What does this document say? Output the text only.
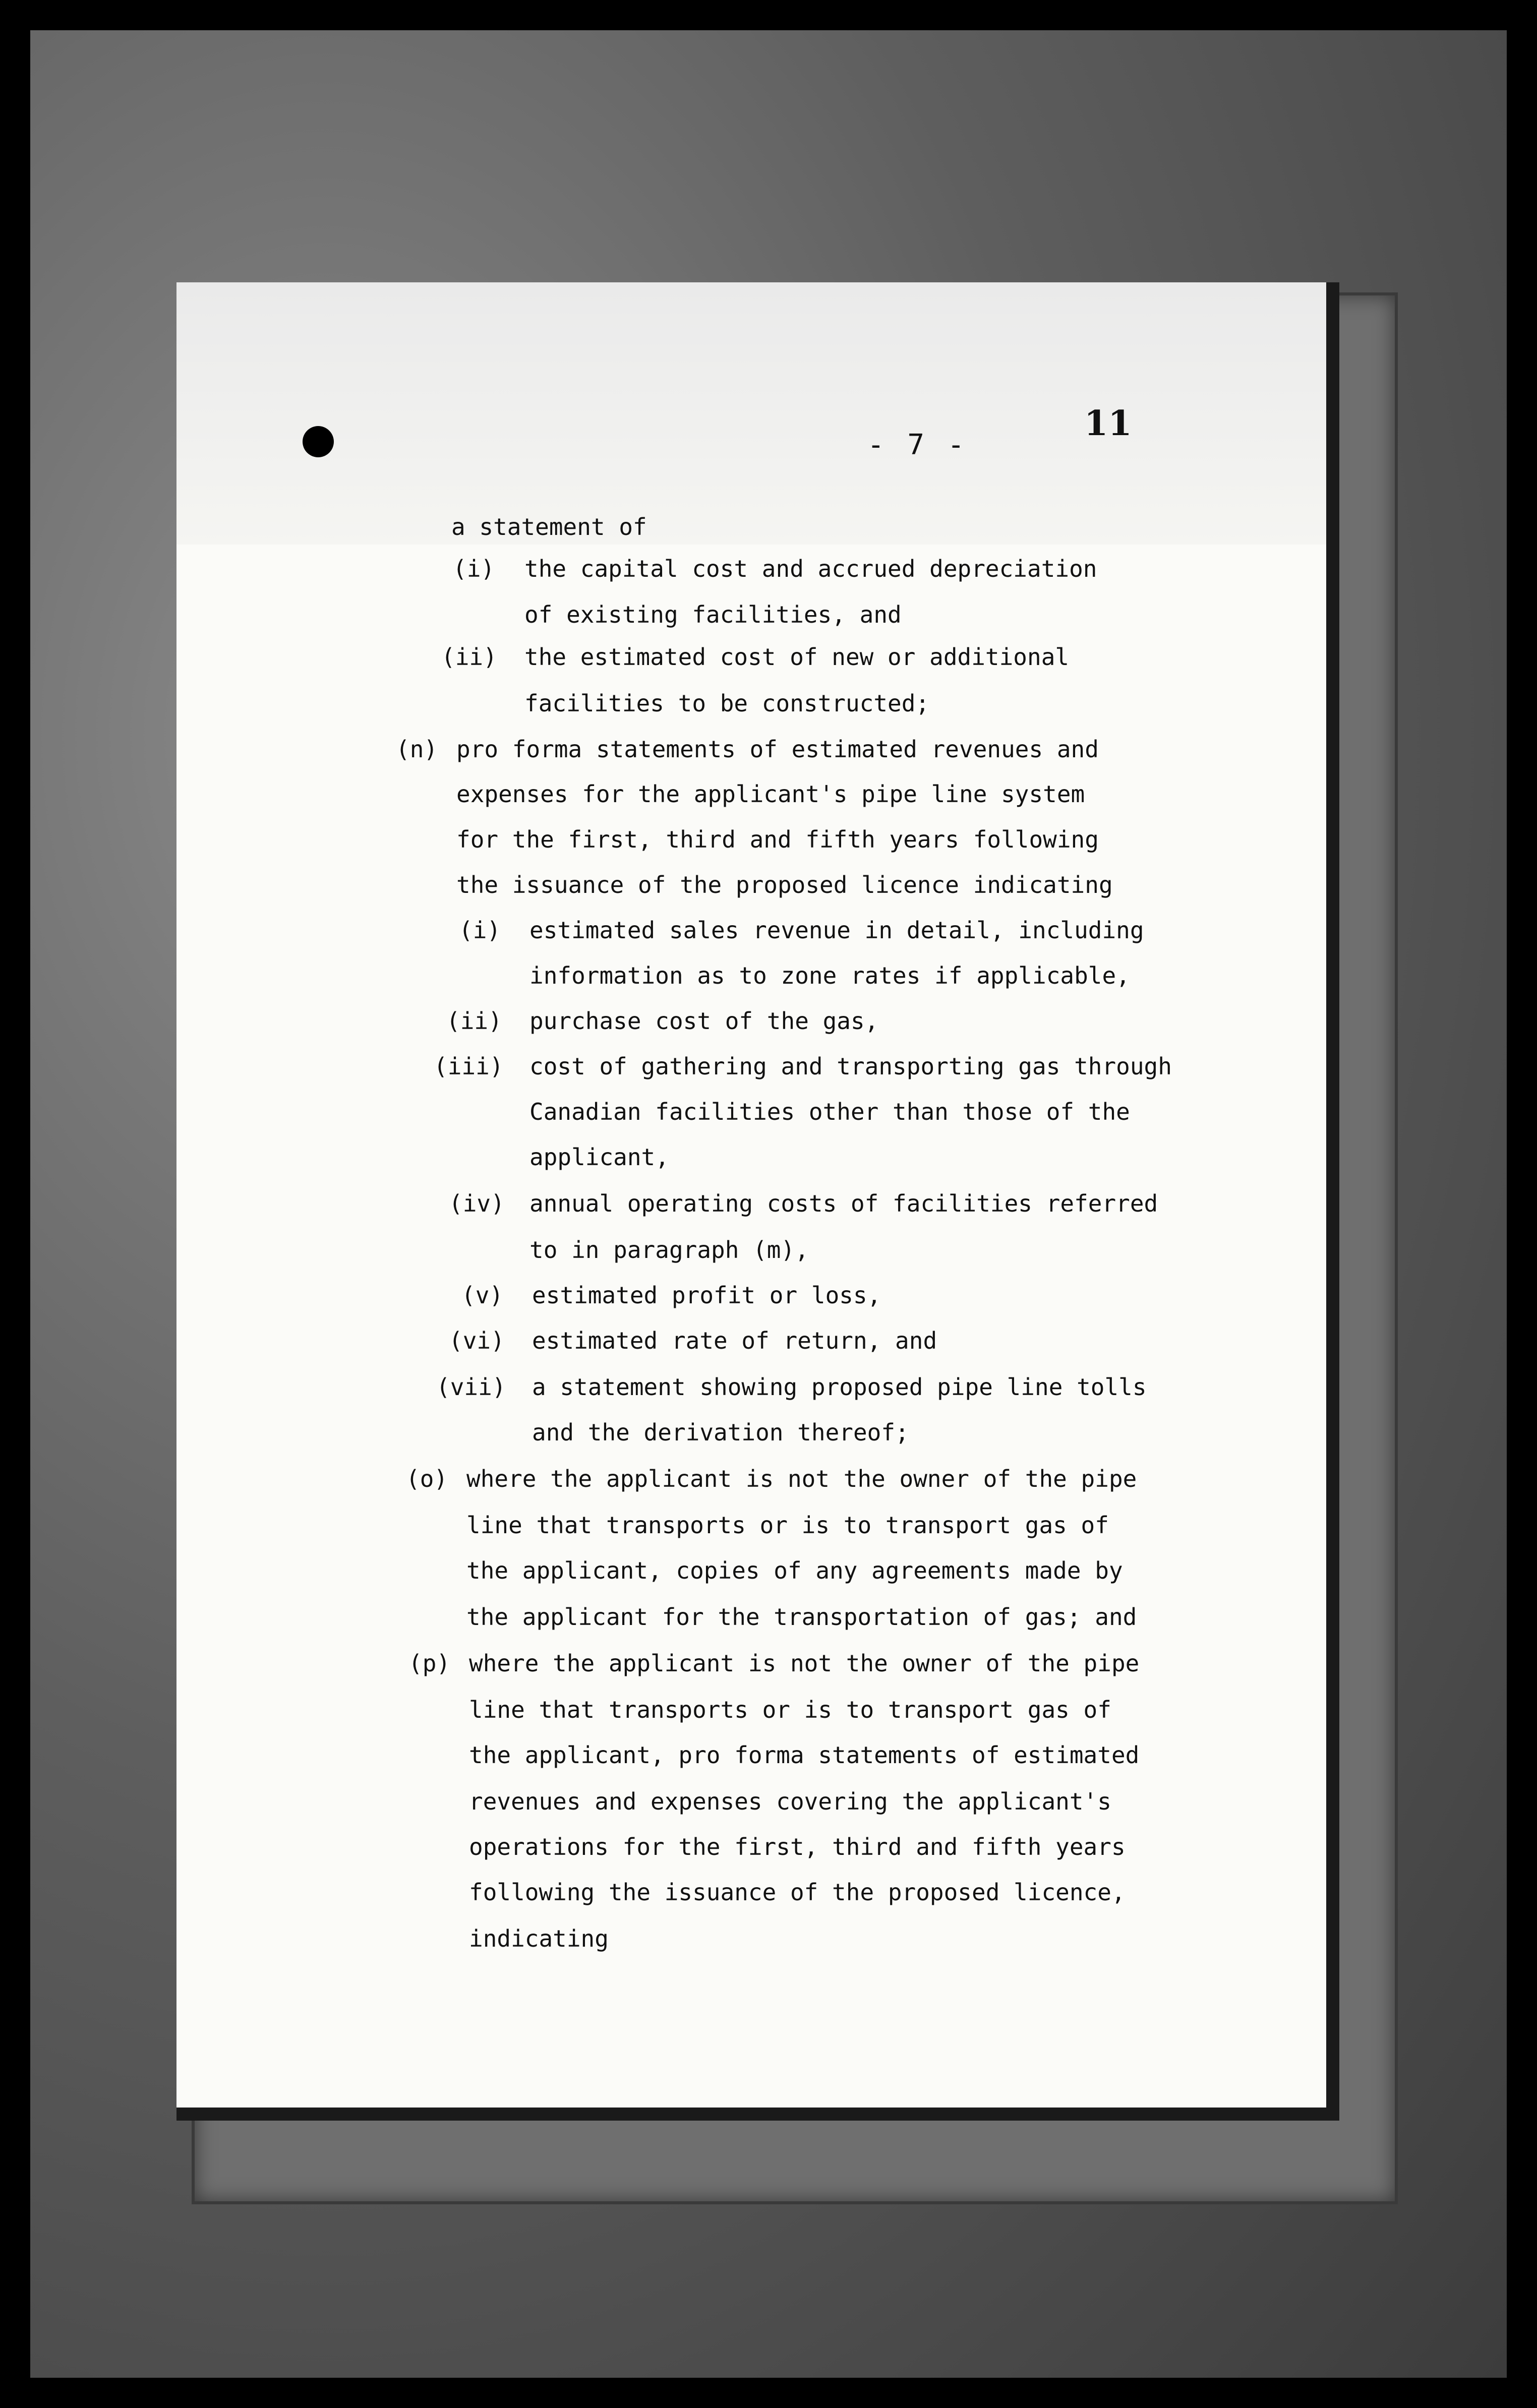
- 7 -
11
a statement of
(i) the capital cost and accrued depreciation
of existing facilities, and
(ii) the estimated cost of new or additional
facilities to be constructed;
(n) pro forma statements of estimated revenues and
expenses for the applicant's pipe line system
for the first, third and fifth years following
the issuance of the proposed licence indicating
(i) estimated sales revenue in detail, including
information as to zone rates if applicable,
(ii) purchase cost of the gas,
(iii) cost of gathering and transporting gas through
Canadian facilities other than those of the
applicant,
(iv) annual operating costs of facilities referred
to in paragraph (m),
(v) estimated profit or loss,
(vi) estimated rate of return, and
(vii) a statement showing proposed pipe line tolls
and the derivation thereof;
(o) where the applicant is not the owner of the pipe
line that transports or is to transport gas of
the applicant, copies of any agreements made by
the applicant for the transportation of gas; and
(p) where the applicant is not the owner of the pipe
line that transports or is to transport gas of
the applicant, pro forma statements of estimated
revenues and expenses covering the applicant's
operations for the first, third and fifth years
following the issuance of the proposed licence,
indicating
